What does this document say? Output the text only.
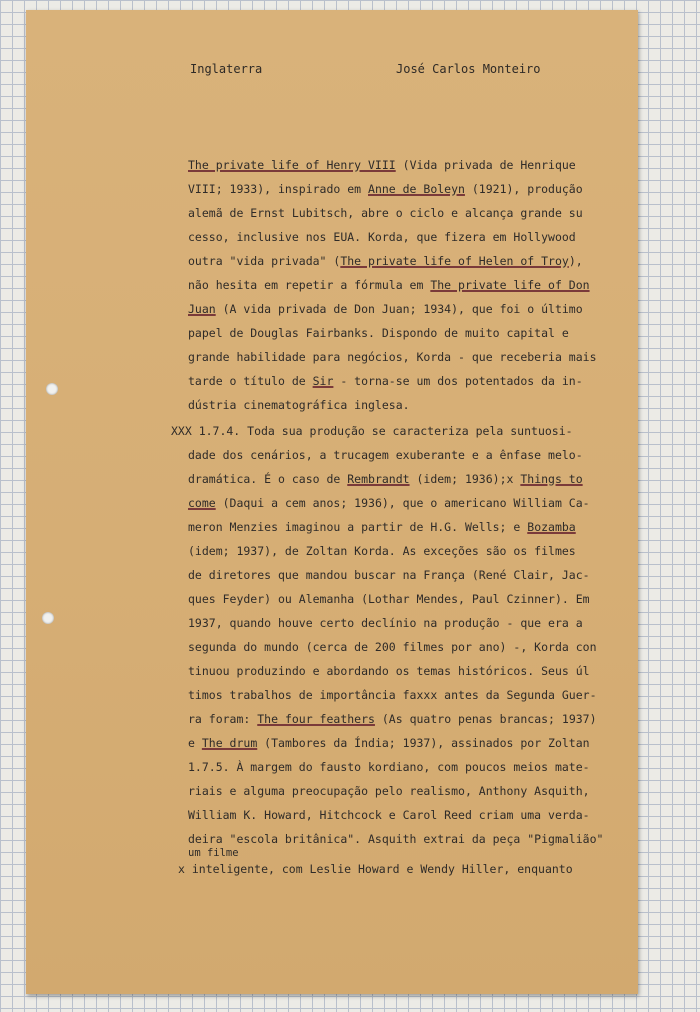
Inglaterra	José Carlos Monteiro
The private life of Henry VIII (Vida privada de Henrique
VIII; 1933), inspirado em Anne de Boleyn (1921), produção
alemã de Ernst Lubitsch, abre o ciclo e alcança grande su
cesso, inclusive nos EUA. Korda, que fizera em Hollywood
outra "vida privada" (The private life of Helen of Troy),
não hesita em repetir a fórmula em The private life of Don
Juan (A vida privada de Don Juan; 1934), que foi o último
papel de Douglas Fairbanks. Dispondo de muito capital e
grande habilidade para negócios, Korda - que receberia mais
tarde o título de Sir - torna-se um dos potentados da in-
dústria cinematográfica inglesa.
XXX 1.7.4. Toda sua produção se caracteriza pela suntuosi-
dade dos cenários, a trucagem exuberante e a ênfase melo-
dramática. É o caso de Rembrandt (idem; 1936);x Things to
come (Daqui a cem anos; 1936), que o americano William Ca-
meron Menzies imaginou a partir de H.G. Wells; e Bozamba
(idem; 1937), de Zoltan Korda. As exceções são os filmes
de diretores que mandou buscar na França (René Clair, Jac-
ques Feyder) ou Alemanha (Lothar Mendes, Paul Czinner). Em
1937, quando houve certo declínio na produção - que era a
segunda do mundo (cerca de 200 filmes por ano) -, Korda con
tinuou produzindo e abordando os temas históricos. Seus úl
timos trabalhos de importância faxxx antes da Segunda Guer-
ra foram: The four feathers (As quatro penas brancas; 1937)
e The drum (Tambores da Índia; 1937), assinados por Zoltan
1.7.5. À margem do fausto kordiano, com poucos meios mate-
riais e alguma preocupação pelo realismo, Anthony Asquith,
William K. Howard, Hitchcock e Carol Reed criam uma verda-
deira "escola britânica". Asquith extrai da peça "Pigmalião"
um filme
x inteligente, com Leslie Howard e Wendy Hiller, enquanto
